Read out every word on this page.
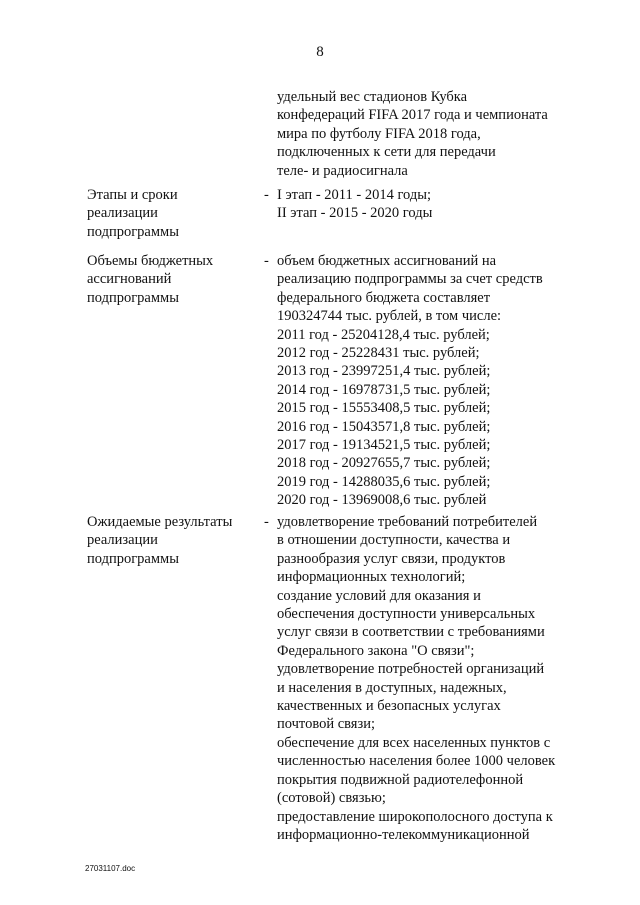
8
удельный вес стадионов Кубка
конфедераций FIFA 2017 года и чемпионата
мира по футболу FIFA 2018 года,
подключенных к сети для передачи
теле- и радиосигнала
Этапы и сроки
реализации
подпрограммы
- I этап - 2011 - 2014 годы;
II этап - 2015 - 2020 годы
Объемы бюджетных
ассигнований
подпрограммы
- объем бюджетных ассигнований на
реализацию подпрограммы за счет средств
федерального бюджета составляет
190324744 тыс. рублей, в том числе:
2011 год - 25204128,4 тыс. рублей;
2012 год - 25228431 тыс. рублей;
2013 год - 23997251,4 тыс. рублей;
2014 год - 16978731,5 тыс. рублей;
2015 год - 15553408,5 тыс. рублей;
2016 год - 15043571,8 тыс. рублей;
2017 год - 19134521,5 тыс. рублей;
2018 год - 20927655,7 тыс. рублей;
2019 год - 14288035,6 тыс. рублей;
2020 год - 13969008,6 тыс. рублей
Ожидаемые результаты
реализации
подпрограммы
- удовлетворение требований потребителей
в отношении доступности, качества и
разнообразия услуг связи, продуктов
информационных технологий;
создание условий для оказания и
обеспечения доступности универсальных
услуг связи в соответствии с требованиями
Федерального закона "О связи";
удовлетворение потребностей организаций
и населения в доступных, надежных,
качественных и безопасных услугах
почтовой связи;
обеспечение для всех населенных пунктов с
численностью населения более 1000 человек
покрытия подвижной радиотелефонной
(сотовой) связью;
предоставление широкополосного доступа к
информационно-телекоммуникационной
27031107.doc
